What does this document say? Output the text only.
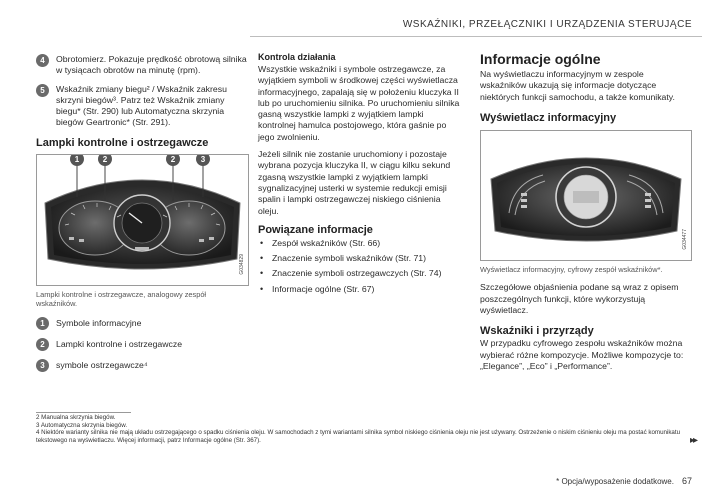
WSKAŹNIKI, PRZEŁĄCZNIKI I URZĄDZENIA STERUJĄCE
4	Obrotomierz. Pokazuje prędkość obrotową silnika w tysiącach obrotów na minutę (rpm).
5	Wskaźnik zmiany biegu² / Wskaźnik zakresu skrzyni biegów³. Patrz też Wskaźnik zmiany biegu* (Str. 290) lub Automatyczna skrzynia biegów Geartronic* (Str. 291).
Lampki kontrolne i ostrzegawcze
1	2	2	3
G034829
Lampki kontrolne i ostrzegawcze, analogowy zespół wskaźników.
1	Symbole informacyjne
2	Lampki kontrolne i ostrzegawcze
3	symbole ostrzegawcze⁴
Kontrola działania

Wszystkie wskaźniki i symbole ostrzegawcze, za wyjątkiem symboli w środkowej części wyświetlacza informacyjnego, zapalają się w położeniu kluczyka II lub po uruchomieniu silnika. Po uruchomieniu silnika gasną wszystkie lampki z wyjątkiem lampki kontrolnej hamulca postojowego, która gaśnie po jego zwolnieniu.

Jeżeli silnik nie zostanie uruchomiony i pozostaje wybrana pozycja kluczyka II, w ciągu kilku sekund zgasną wszystkie lampki z wyjątkiem lampki sygnalizacyjnej usterki w systemie redukcji emisji spalin i lampki ostrzegawczej niskiego ciśnienia oleju.

Powiązane informacje
• Zespół wskaźników (Str. 66)
• Znaczenie symboli wskaźników (Str. 71)
• Znaczenie symboli ostrzegawczych (Str. 74)
• Informacje ogólne (Str. 67)
Informacje ogólne

Na wyświetlaczu informacyjnym w zespole wskaźników ukazują się informacje dotyczące niektórych funkcji samochodu, a także komunikaty.

Wyświetlacz informacyjny
G034477
Wyświetlacz informacyjny, cyfrowy zespół wskaźników*.

Szczegółowe objaśnienia podane są wraz z opisem poszczególnych funkcji, które wykorzystują wyświetlacz.

Wskaźniki i przyrządy

W przypadku cyfrowego zespołu wskaźników można wybierać różne kompozycje. Możliwe kompozycje to: „Elegance”, „Eco” i „Performance”.

2 Manualna skrzynia biegów.
3 Automatyczna skrzynia biegów.
4 Niektóre warianty silnika nie mają układu ostrzegającego o spadku ciśnienia oleju. W samochodach z tymi wariantami silnika symbol niskiego ciśnienia oleju nie jest używany. Ostrzeżenie o niskim ciśnieniu oleju ma postać komunikatu tekstowego na wyświetlaczu. Więcej informacji, patrz Informacje ogólne (Str. 367).	▸▸
* Opcja/wyposażenie dodatkowe. 67
